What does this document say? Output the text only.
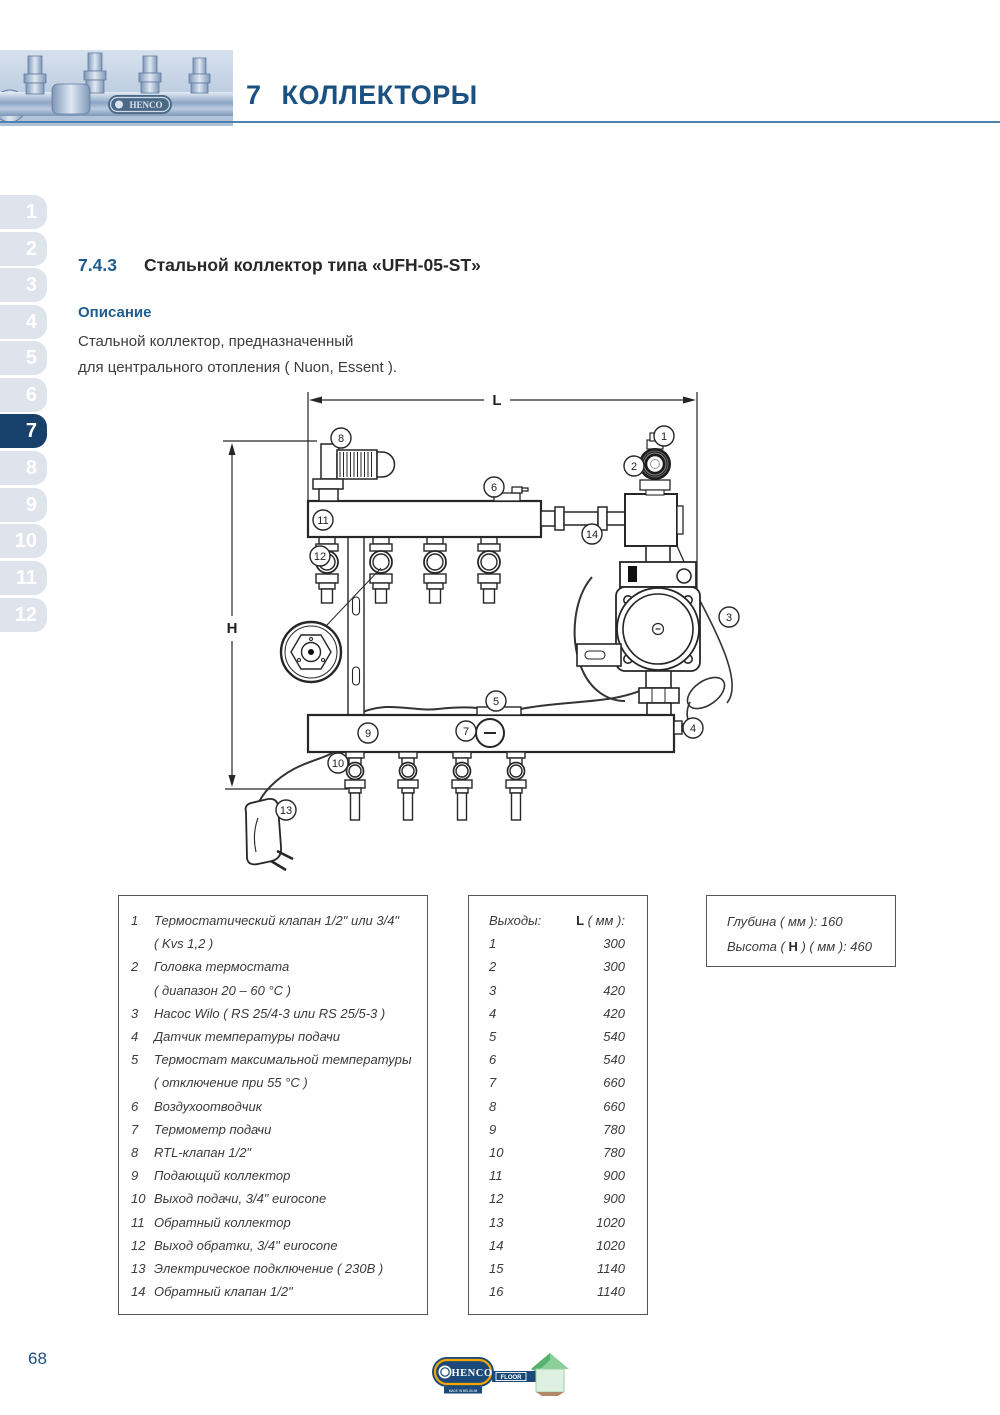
HENCO	7 КОЛЛЕКТОРЫ
1
2
3
4
5
6
7
8
9
10
11
12
7.4.3 Стальной коллектор типа «UFH-05-ST»
Описание
Стальной коллектор, предназначенный
для центрального отопления ( Nuon, Essent ).
L
H
1
2
3
4
5
6
7
8
9
10
11
12
13
14
1	Термостатический клапан 1/2" или 3/4"
( Kvs 1,2 )
2	Головка термостата
( диапазон 20 – 60 °C )
3	Насос Wilo ( RS 25/4-3 или RS 25/5-3 )
4	Датчик температуры подачи
5	Термостат максимальной температуры
( отключение при 55 °C )
6	Воздухоотводчик
7	Термометр подачи
8	RTL-клапан 1/2"
9	Подающий коллектор
10 Выход подачи, 3/4" eurocone
11 Обратный коллектор
12 Выход обратки, 3/4" eurocone
13 Электрическое подключение ( 230В )
14 Обратный клапан 1/2"
Выходы:	L ( мм ):
1	300
2	300
3	420
4	420
5	540
6	540
7	660
8	660
9	780
10	780
11	900
12	900
13	1020
14	1020
15	1140
16	1140
Глубина ( мм ): 160
Высота ( H ) ( мм ): 460
68
FLOOR
HENCO
MADE IN BELGIUM
